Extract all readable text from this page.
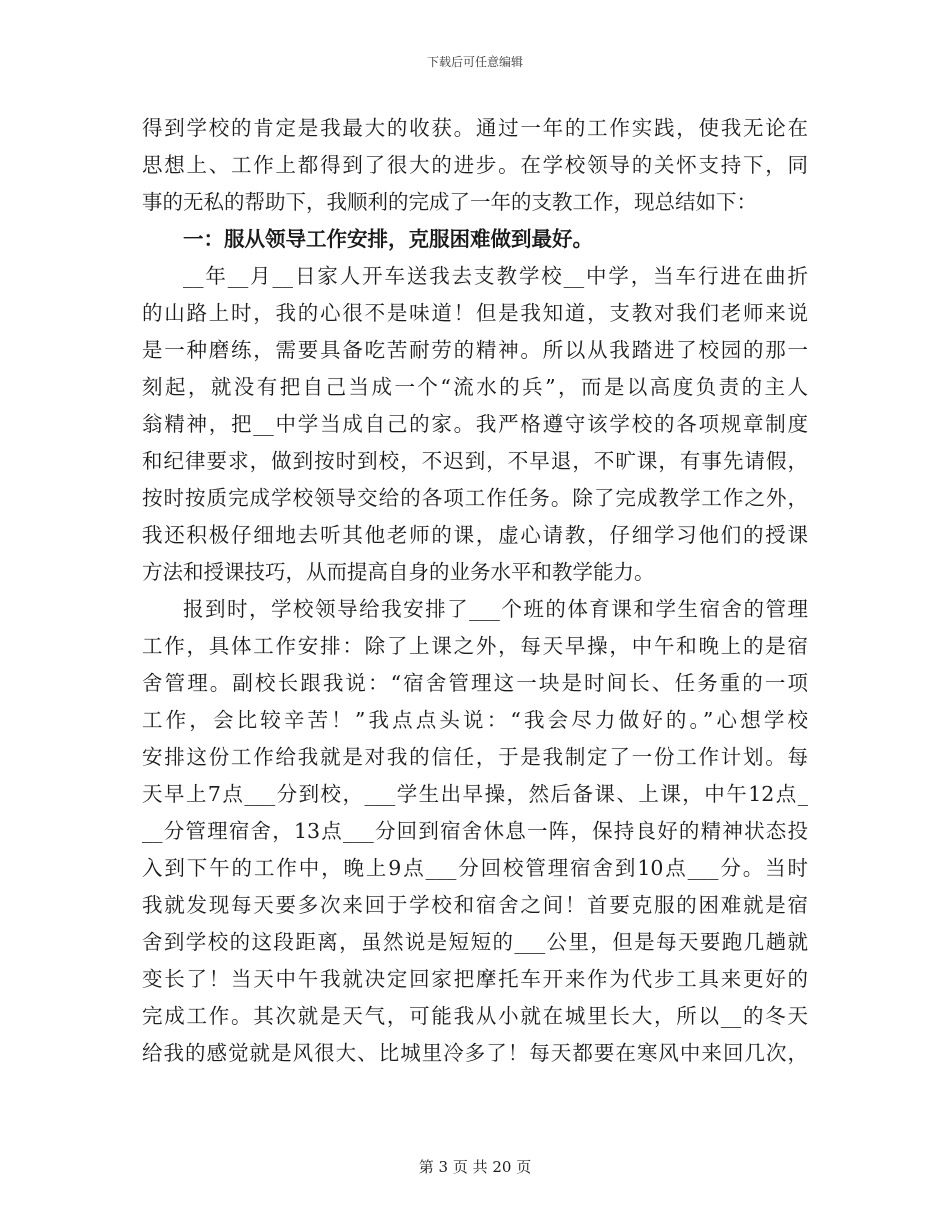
下载后可任意编辑
得到学校的肯定是我最大的收获。通过一年的工作实践，使我无论在
思想上、工作上都得到了很大的进步。在学校领导的关怀支持下，同
事的无私的帮助下，我顺利的完成了一年的支教工作，现总结如下：
一：服从领导工作安排，克服困难做到最好。
__年__月__日家人开车送我去支教学校__中学，当车行进在曲折
的山路上时，我的心很不是味道！但是我知道，支教对我们老师来说
是一种磨练，需要具备吃苦耐劳的精神。所以从我踏进了校园的那一
刻起，就没有把自己当成一个“流水的兵”，而是以高度负责的主人
翁精神，把__中学当成自己的家。我严格遵守该学校的各项规章制度
和纪律要求，做到按时到校，不迟到，不早退，不旷课，有事先请假，
按时按质完成学校领导交给的各项工作任务。除了完成教学工作之外，
我还积极仔细地去听其他老师的课，虚心请教，仔细学习他们的授课
方法和授课技巧，从而提高自身的业务水平和教学能力。
报到时，学校领导给我安排了___个班的体育课和学生宿舍的管理
工作，具体工作安排：除了上课之外，每天早操，中午和晚上的是宿
舍管理。副校长跟我说：“宿舍管理这一块是时间长、任务重的一项
工作，会比较辛苦！”我点点头说：“我会尽力做好的。”心想学校
安排这份工作给我就是对我的信任，于是我制定了一份工作计划。每
天早上7点___分到校，___学生出早操，然后备课、上课，中午12点_
__分管理宿舍，13点___分回到宿舍休息一阵，保持良好的精神状态投
入到下午的工作中，晚上9点___分回校管理宿舍到10点___分。当时
我就发现每天要多次来回于学校和宿舍之间！首要克服的困难就是宿
舍到学校的这段距离，虽然说是短短的___公里，但是每天要跑几趟就
变长了！当天中午我就决定回家把摩托车开来作为代步工具来更好的
完成工作。其次就是天气，可能我从小就在城里长大，所以__的冬天
给我的感觉就是风很大、比城里冷多了！每天都要在寒风中来回几次，
第 3 页 共 20 页
